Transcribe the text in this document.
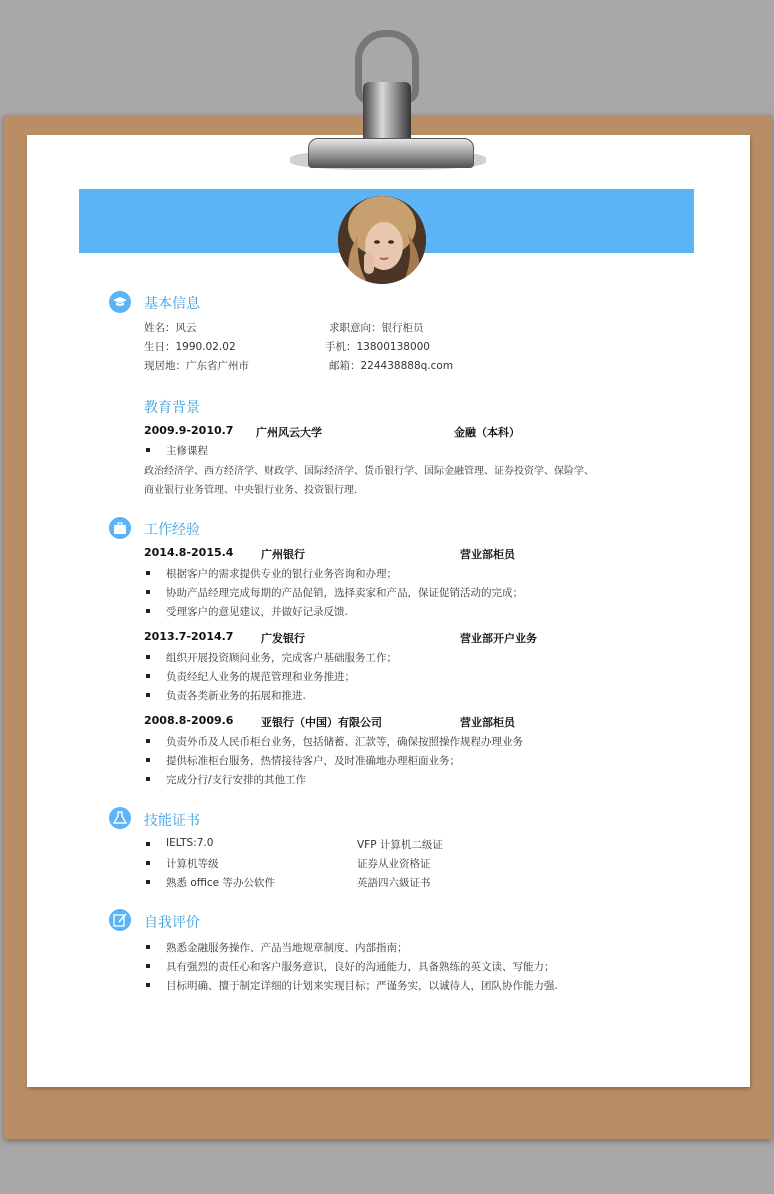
基本信息
姓名：风云	求职意向：银行柜员
生日：1990.02.02	手机：13800138000
现居地：广东省广州市	邮箱：224438888q.com
教育背景
2009.9-2010.7 广州风云大学	金融（本科）
主修课程
政治经济学、西方经济学、财政学、国际经济学、货币银行学、国际金融管理、证券投资学、保险学、
商业银行业务管理、中央银行业务、投资银行理.
工作经验
2014.8-2015.4	广州银行	营业部柜员
根据客户的需求提供专业的银行业务咨询和办理；
协助产品经理完成每期的产品促销，选择卖家和产品，保证促销活动的完成；
受理客户的意见建议，并做好记录反馈.
2013.7-2014.7	广发银行	营业部开户业务
组织开展投资顾问业务，完成客户基础服务工作；
负责经纪人业务的规范管理和业务推进；
负责各类新业务的拓展和推进.
2008.8-2009.6	亚银行（中国）有限公司	营业部柜员
负责外币及人民币柜台业务，包括储蓄、汇款等，确保按照操作规程办理业务
提供标准柜台服务，热情接待客户，及时准确地办理柜面业务；
完成分行/支行安排的其他工作
技能证书
IELTS:7.0	VFP 计算机二级证
计算机等级	证券从业资格证
熟悉 office 等办公软件	英語四六級证书
自我评价
熟悉金融服务操作、产品当地规章制度、内部指南；
具有强烈的责任心和客户服务意识，良好的沟通能力，具备熟练的英文读、写能力；
目标明确、擅于制定详细的计划来实现目标；严谨务实，以诚待人，团队协作能力强.
